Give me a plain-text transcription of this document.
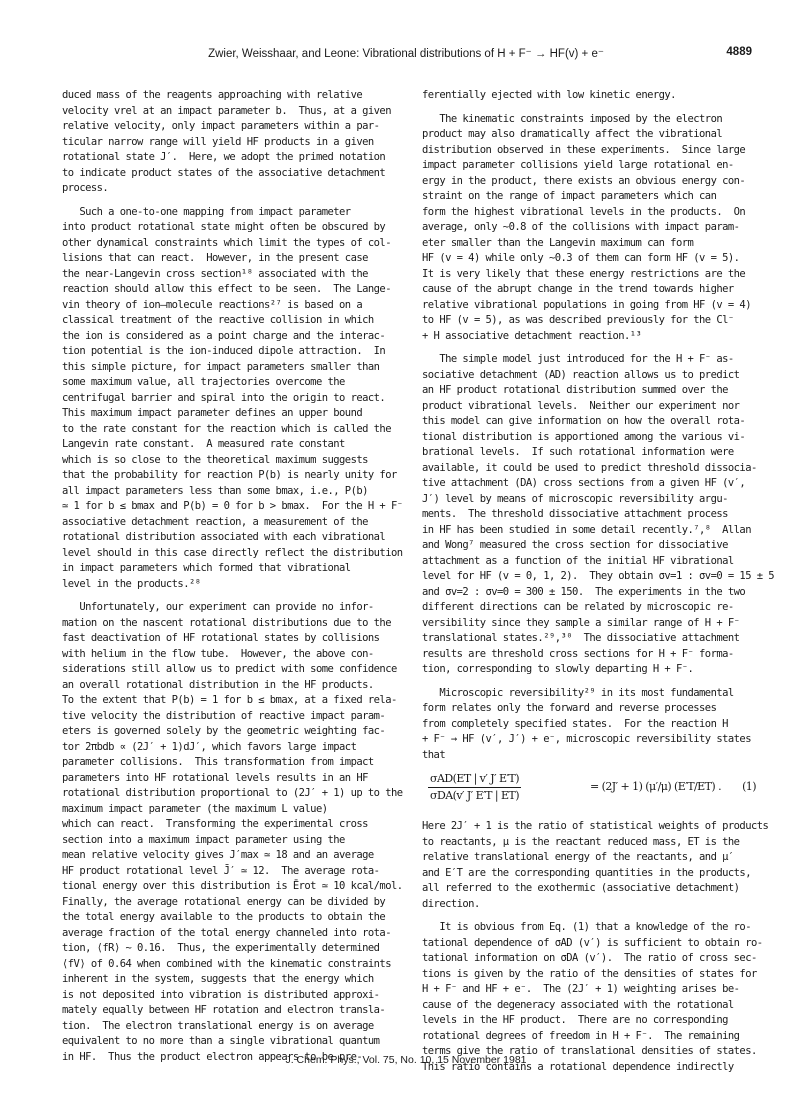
Zwier, Weisshaar, and Leone: Vibrational distributions of H + F⁻ → HF(v) + e⁻	4889
duced mass of the reagents approaching with relative
velocity vrel at an impact parameter b.  Thus, at a given
relative velocity, only impact parameters within a par-
ticular narrow range will yield HF products in a given
rotational state J′.  Here, we adopt the primed notation
to indicate product states of the associative detachment
process.
Such a one-to-one mapping from impact parameter
into product rotational state might often be obscured by
other dynamical constraints which limit the types of col-
lisions that can react.  However, in the present case
the near-Langevin cross section¹⁸ associated with the
reaction should allow this effect to be seen.  The Lange-
vin theory of ion–molecule reactions²⁷ is based on a
classical treatment of the reactive collision in which
the ion is considered as a point charge and the interac-
tion potential is the ion-induced dipole attraction.  In
this simple picture, for impact parameters smaller than
some maximum value, all trajectories overcome the
centrifugal barrier and spiral into the origin to react.
This maximum impact parameter defines an upper bound
to the rate constant for the reaction which is called the
Langevin rate constant.  A measured rate constant
which is so close to the theoretical maximum suggests
that the probability for reaction P(b) is nearly unity for
all impact parameters less than some bmax, i.e., P(b)
≃ 1 for b ≤ bmax and P(b) = 0 for b > bmax.  For the H + F⁻
associative detachment reaction, a measurement of the
rotational distribution associated with each vibrational
level should in this case directly reflect the distribution
in impact parameters which formed that vibrational
level in the products.²⁸
Unfortunately, our experiment can provide no infor-
mation on the nascent rotational distributions due to the
fast deactivation of HF rotational states by collisions
with helium in the flow tube.  However, the above con-
siderations still allow us to predict with some confidence
an overall rotational distribution in the HF products.
To the extent that P(b) = 1 for b ≤ bmax, at a fixed rela-
tive velocity the distribution of reactive impact param-
eters is governed solely by the geometric weighting fac-
tor 2πbdb ∝ (2J′ + 1)dJ′, which favors large impact
parameter collisions.  This transformation from impact
parameters into HF rotational levels results in an HF
rotational distribution proportional to (2J′ + 1) up to the
maximum impact parameter (the maximum L value)
which can react.  Transforming the experimental cross
section into a maximum impact parameter using the
mean relative velocity gives J′max ≃ 18 and an average
HF product rotational level J̄′ ≃ 12.  The average rota-
tional energy over this distribution is Ērot ≃ 10 kcal/mol.
Finally, the average rotational energy can be divided by
the total energy available to the products to obtain the
average fraction of the total energy channeled into rota-
tion, ⟨fR⟩ ~ 0.16.  Thus, the experimentally determined
⟨fV⟩ of 0.64 when combined with the kinematic constraints
inherent in the system, suggests that the energy which
is not deposited into vibration is distributed approxi-
mately equally between HF rotation and electron transla-
tion.  The electron translational energy is on average
equivalent to no more than a single vibrational quantum
in HF.  Thus the product electron appears to be pre-
ferentially ejected with low kinetic energy.
The kinematic constraints imposed by the electron
product may also dramatically affect the vibrational
distribution observed in these experiments.  Since large
impact parameter collisions yield large rotational en-
ergy in the product, there exists an obvious energy con-
straint on the range of impact parameters which can
form the highest vibrational levels in the products.  On
average, only ~0.8 of the collisions with impact param-
eter smaller than the Langevin maximum can form
HF (v = 4) while only ~0.3 of them can form HF (v = 5).
It is very likely that these energy restrictions are the
cause of the abrupt change in the trend towards higher
relative vibrational populations in going from HF (v = 4)
to HF (v = 5), as was described previously for the Cl⁻
+ H associative detachment reaction.¹³
The simple model just introduced for the H + F⁻ as-
sociative detachment (AD) reaction allows us to predict
an HF product rotational distribution summed over the
product vibrational levels.  Neither our experiment nor
this model can give information on how the overall rota-
tional distribution is apportioned among the various vi-
brational levels.  If such rotational information were
available, it could be used to predict threshold dissocia-
tive attachment (DA) cross sections from a given HF (v′,
J′) level by means of microscopic reversibility argu-
ments.  The threshold dissociative attachment process
in HF has been studied in some detail recently.⁷,⁸  Allan
and Wong⁷ measured the cross section for dissociative
attachment as a function of the initial HF vibrational
level for HF (v = 0, 1, 2).  They obtain σv=1 : σv=0 = 15 ± 5
and σv=2 : σv=0 = 300 ± 150.  The experiments in the two
different directions can be related by microscopic re-
versibility since they sample a similar range of H + F⁻
translational states.²⁹,³⁰  The dissociative attachment
results are threshold cross sections for H + F⁻ forma-
tion, corresponding to slowly departing H + F⁻.
Microscopic reversibility²⁹ in its most fundamental
form relates only the forward and reverse processes
from completely specified states.  For the reaction H
+ F⁻ → HF (v′, J′) + e⁻, microscopic reversibility states
that
σAD(ET | v′ J′ E′T)
σDA(v′ J′ E′T | ET)
= (2J′ + 1) (μ′/μ) (E′T/ET) . (1)
Here 2J′ + 1 is the ratio of statistical weights of products
to reactants, μ is the reactant reduced mass, ET is the
relative translational energy of the reactants, and μ′
and E′T are the corresponding quantities in the products,
all referred to the exothermic (associative detachment)
direction.
It is obvious from Eq. (1) that a knowledge of the ro-
tational dependence of σAD (v′) is sufficient to obtain ro-
tational information on σDA (v′).  The ratio of cross sec-
tions is given by the ratio of the densities of states for
H + F⁻ and HF + e⁻.  The (2J′ + 1) weighting arises be-
cause of the degeneracy associated with the rotational
levels in the HF product.  There are no corresponding
rotational degrees of freedom in H + F⁻.  The remaining
terms give the ratio of translational densities of states.
This ratio contains a rotational dependence indirectly
J. Chem. Phys., Vol. 75, No. 10, 15 November 1981
